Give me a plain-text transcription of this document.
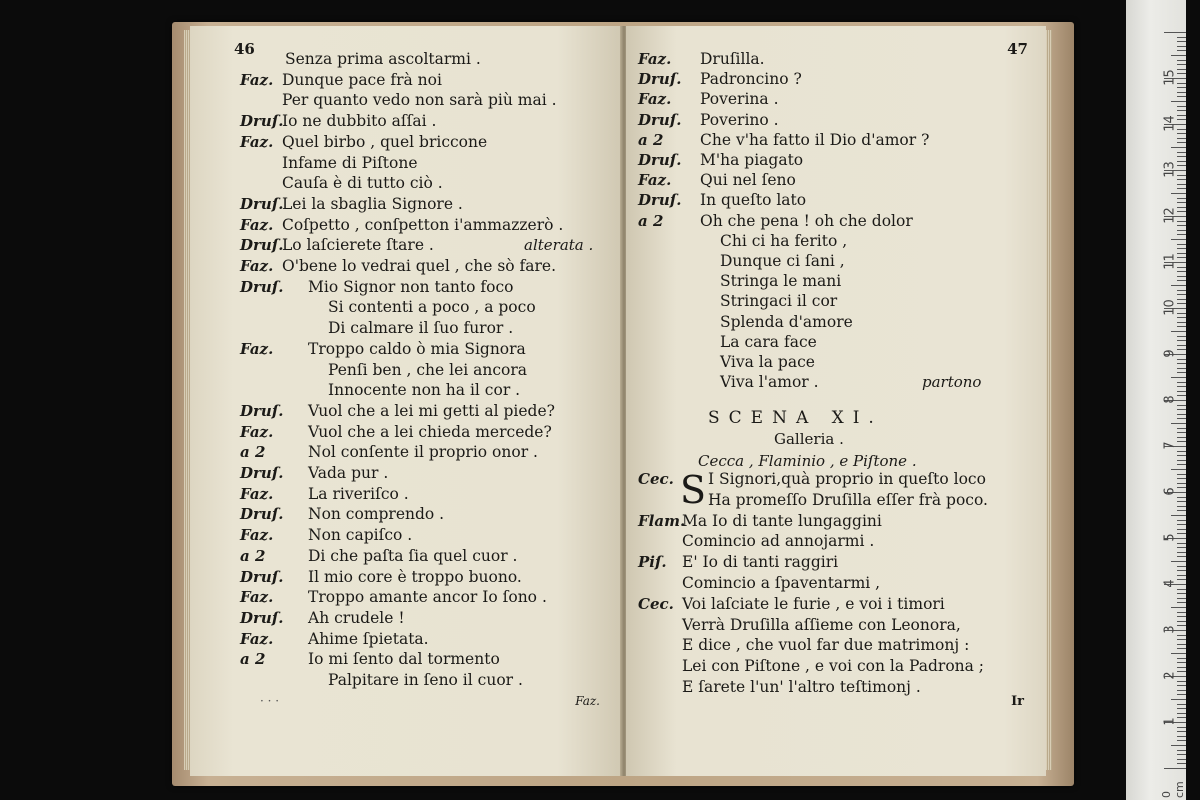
46
Senza prima ascoltarmi .
Faz. Dunque pace frà noi
Per quanto vedo non sarà più mai .
Druſ.
Io ne dubbito aſſai .
Faz. Quel birbo , quel briccone
Infame di Piſtone
Cauſa è di tutto ciò .
Druſ.
Lei la sbaglia Signore .
Faz. Coſpetto , conſpetton i'ammazzerò .
Druſ.
Lo laſcierete ſtare .	alterata .
Faz. O'bene lo vedrai quel , che sò fare.
Druſ. Mio Signor non tanto foco
Si contenti a poco , a poco
Di calmare il ſuo furor .
Faz. Troppo caldo ò mia Signora
Penſi ben , che lei ancora
Innocente non ha il cor .
Druſ. Vuol che a lei mi getti al piede?
Faz. Vuol che a lei chieda mercede?
a 2	Nol conſente il proprio onor .
Druſ. Vada pur .
Faz. La riveriſco .
Druſ. Non comprendo .
Faz. Non capiſco .
a 2	Di che paſta ſia quel cuor .
Druſ. Il mio core è troppo buono.
Faz. Troppo amante ancor Io ſono .
Druſ. Ah crudele !
Faz. Ahime ſpietata.
a 2	Io mi ſento dal tormento
Palpitare in ſeno il cuor .
· · ·	Faz.
47
Faz. Druſilla.
Druſ. Padroncino ?
Faz. Poverina .
Druſ. Poverino .
a 2 Che v'ha fatto il Dio d'amor ?
Druſ. M'ha piagato
Faz. Qui nel ſeno
Druſ. In queſto lato
a 2 Oh che pena ! oh che dolor
Chi ci ha ferito ,
Dunque ci ſani ,
Stringa le mani
Stringaci il cor
Splenda d'amore
La cara face
Viva la pace
Viva l'amor .	partono
SCENA XI.
Galleria .
Cecca , Flaminio , e Piſtone .
S
Cec. I Signori,quà proprio in queſto loco
Ha promeſſo Druſilla eſſer frà poco.
Flam.
Ma Io di tante lungaggini
Comincio ad annojarmi .
Piſ. E' Io di tanti raggiri
Comincio a ſpaventarmi ,
Cec. Voi laſciate le furie , e voi i timori
Verrà Druſilla aſſieme con Leonora,
E dice , che vuol far due matrimonj :
Lei con Piſtone , e voi con la Padrona ;
E ſarete l'un' l'altro teſtimonj .
Ir
15
14
13
12
11
10
9
8
7
6
5
4
3
2
1
0 cm
